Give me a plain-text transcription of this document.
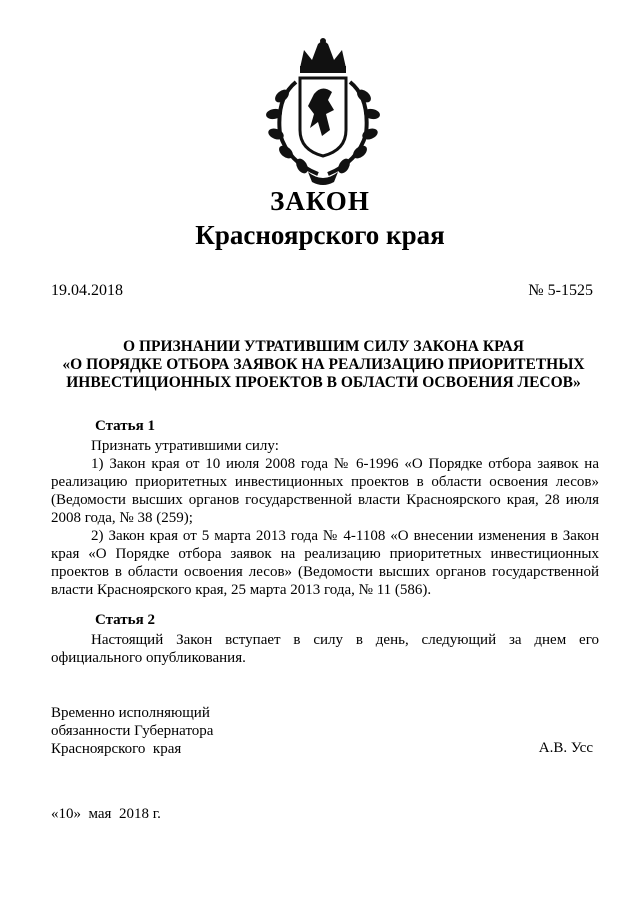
ЗАКОН
Красноярского края
19.04.2018	№ 5-1525
О ПРИЗНАНИИ УТРАТИВШИМ СИЛУ ЗАКОНА КРАЯ
«О ПОРЯДКЕ ОТБОРА ЗАЯВОК НА РЕАЛИЗАЦИЮ ПРИОРИТЕТНЫХ
ИНВЕСТИЦИОННЫХ ПРОЕКТОВ В ОБЛАСТИ ОСВОЕНИЯ ЛЕСОВ»
Статья 1
Признать утратившими силу:
1) Закон края от 10 июля 2008 года № 6-1996 «О Порядке отбора заявок на реализацию приоритетных инвестиционных проектов в области освоения лесов» (Ведомости высших органов государственной власти Красноярского края, 28 июля 2008 года, № 38 (259);
2) Закон края от 5 марта 2013 года № 4-1108 «О внесении изменения в Закон края «О Порядке отбора заявок на реализацию приоритетных инвестиционных проектов в области освоения лесов» (Ведомости высших органов государственной власти Красноярского края, 25 марта 2013 года, № 11 (586).
Статья 2
Настоящий Закон вступает в силу в день, следующий за днем его официального опубликования.
Временно исполняющий
обязанности Губернатора
Красноярского  края	А.В. Усс
«10»  мая  2018 г.
